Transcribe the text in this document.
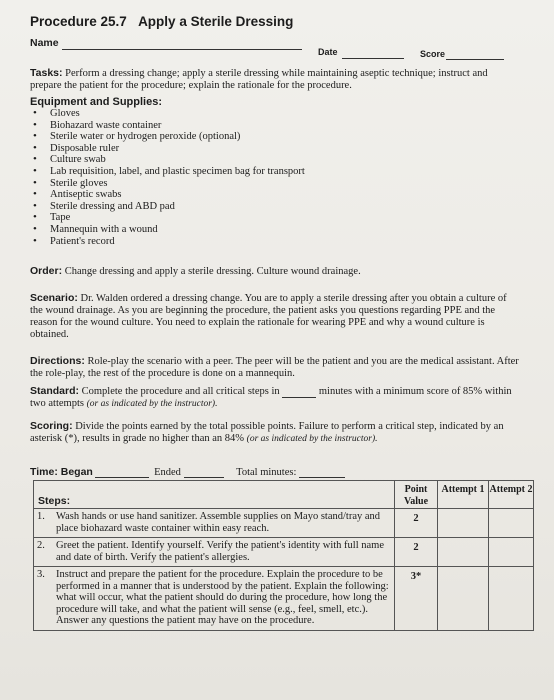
Procedure 25.7 Apply a Sterile Dressing
Name
Date	Score
Tasks: Perform a dressing change; apply a sterile dressing while maintaining aseptic technique; instruct and prepare the patient for the procedure; explain the rationale for the procedure.
Equipment and Supplies:
• Gloves
• Biohazard waste container
• Sterile water or hydrogen peroxide (optional)
• Disposable ruler
• Culture swab
• Lab requisition, label, and plastic specimen bag for transport
• Sterile gloves
• Antiseptic swabs
• Sterile dressing and ABD pad
• Tape
• Mannequin with a wound
• Patient's record
Order: Change dressing and apply a sterile dressing. Culture wound drainage.
Scenario: Dr. Walden ordered a dressing change. You are to apply a sterile dressing after you obtain a culture of the wound drainage. As you are beginning the procedure, the patient asks you questions regarding PPE and the reason for the wound culture. You need to explain the rationale for wearing PPE and why a wound culture is obtained.
Directions: Role-play the scenario with a peer. The peer will be the patient and you are the medical assistant. After the role-play, the rest of the procedure is done on a mannequin.
Standard: Complete the procedure and all critical steps in	minutes with a minimum score of 85% within two attempts (or as indicated by the instructor).
Scoring: Divide the points earned by the total possible points. Failure to perform a critical step, indicated by an asterisk (*), results in grade no higher than an 84% (or as indicated by the instructor).
Time: Began	Ended	Total minutes:
Steps:	Point Value	Attempt 1	Attempt 2

1. Wash hands or use hand sanitizer. Assemble supplies on Mayo stand/tray and place biohazard waste container within easy reach.	2		

2. Greet the patient. Identify yourself. Verify the patient's identity with full name and date of birth. Verify the patient's allergies.	2		

3. Instruct and prepare the patient for the procedure. Explain the procedure to be performed in a manner that is understood by the patient. Explain the following: what will occur, what the patient should do during the procedure, how long the procedure will take, and what the patient will sense (e.g., feel, smell, etc.). Answer any questions the patient may have on the procedure.	3*		
